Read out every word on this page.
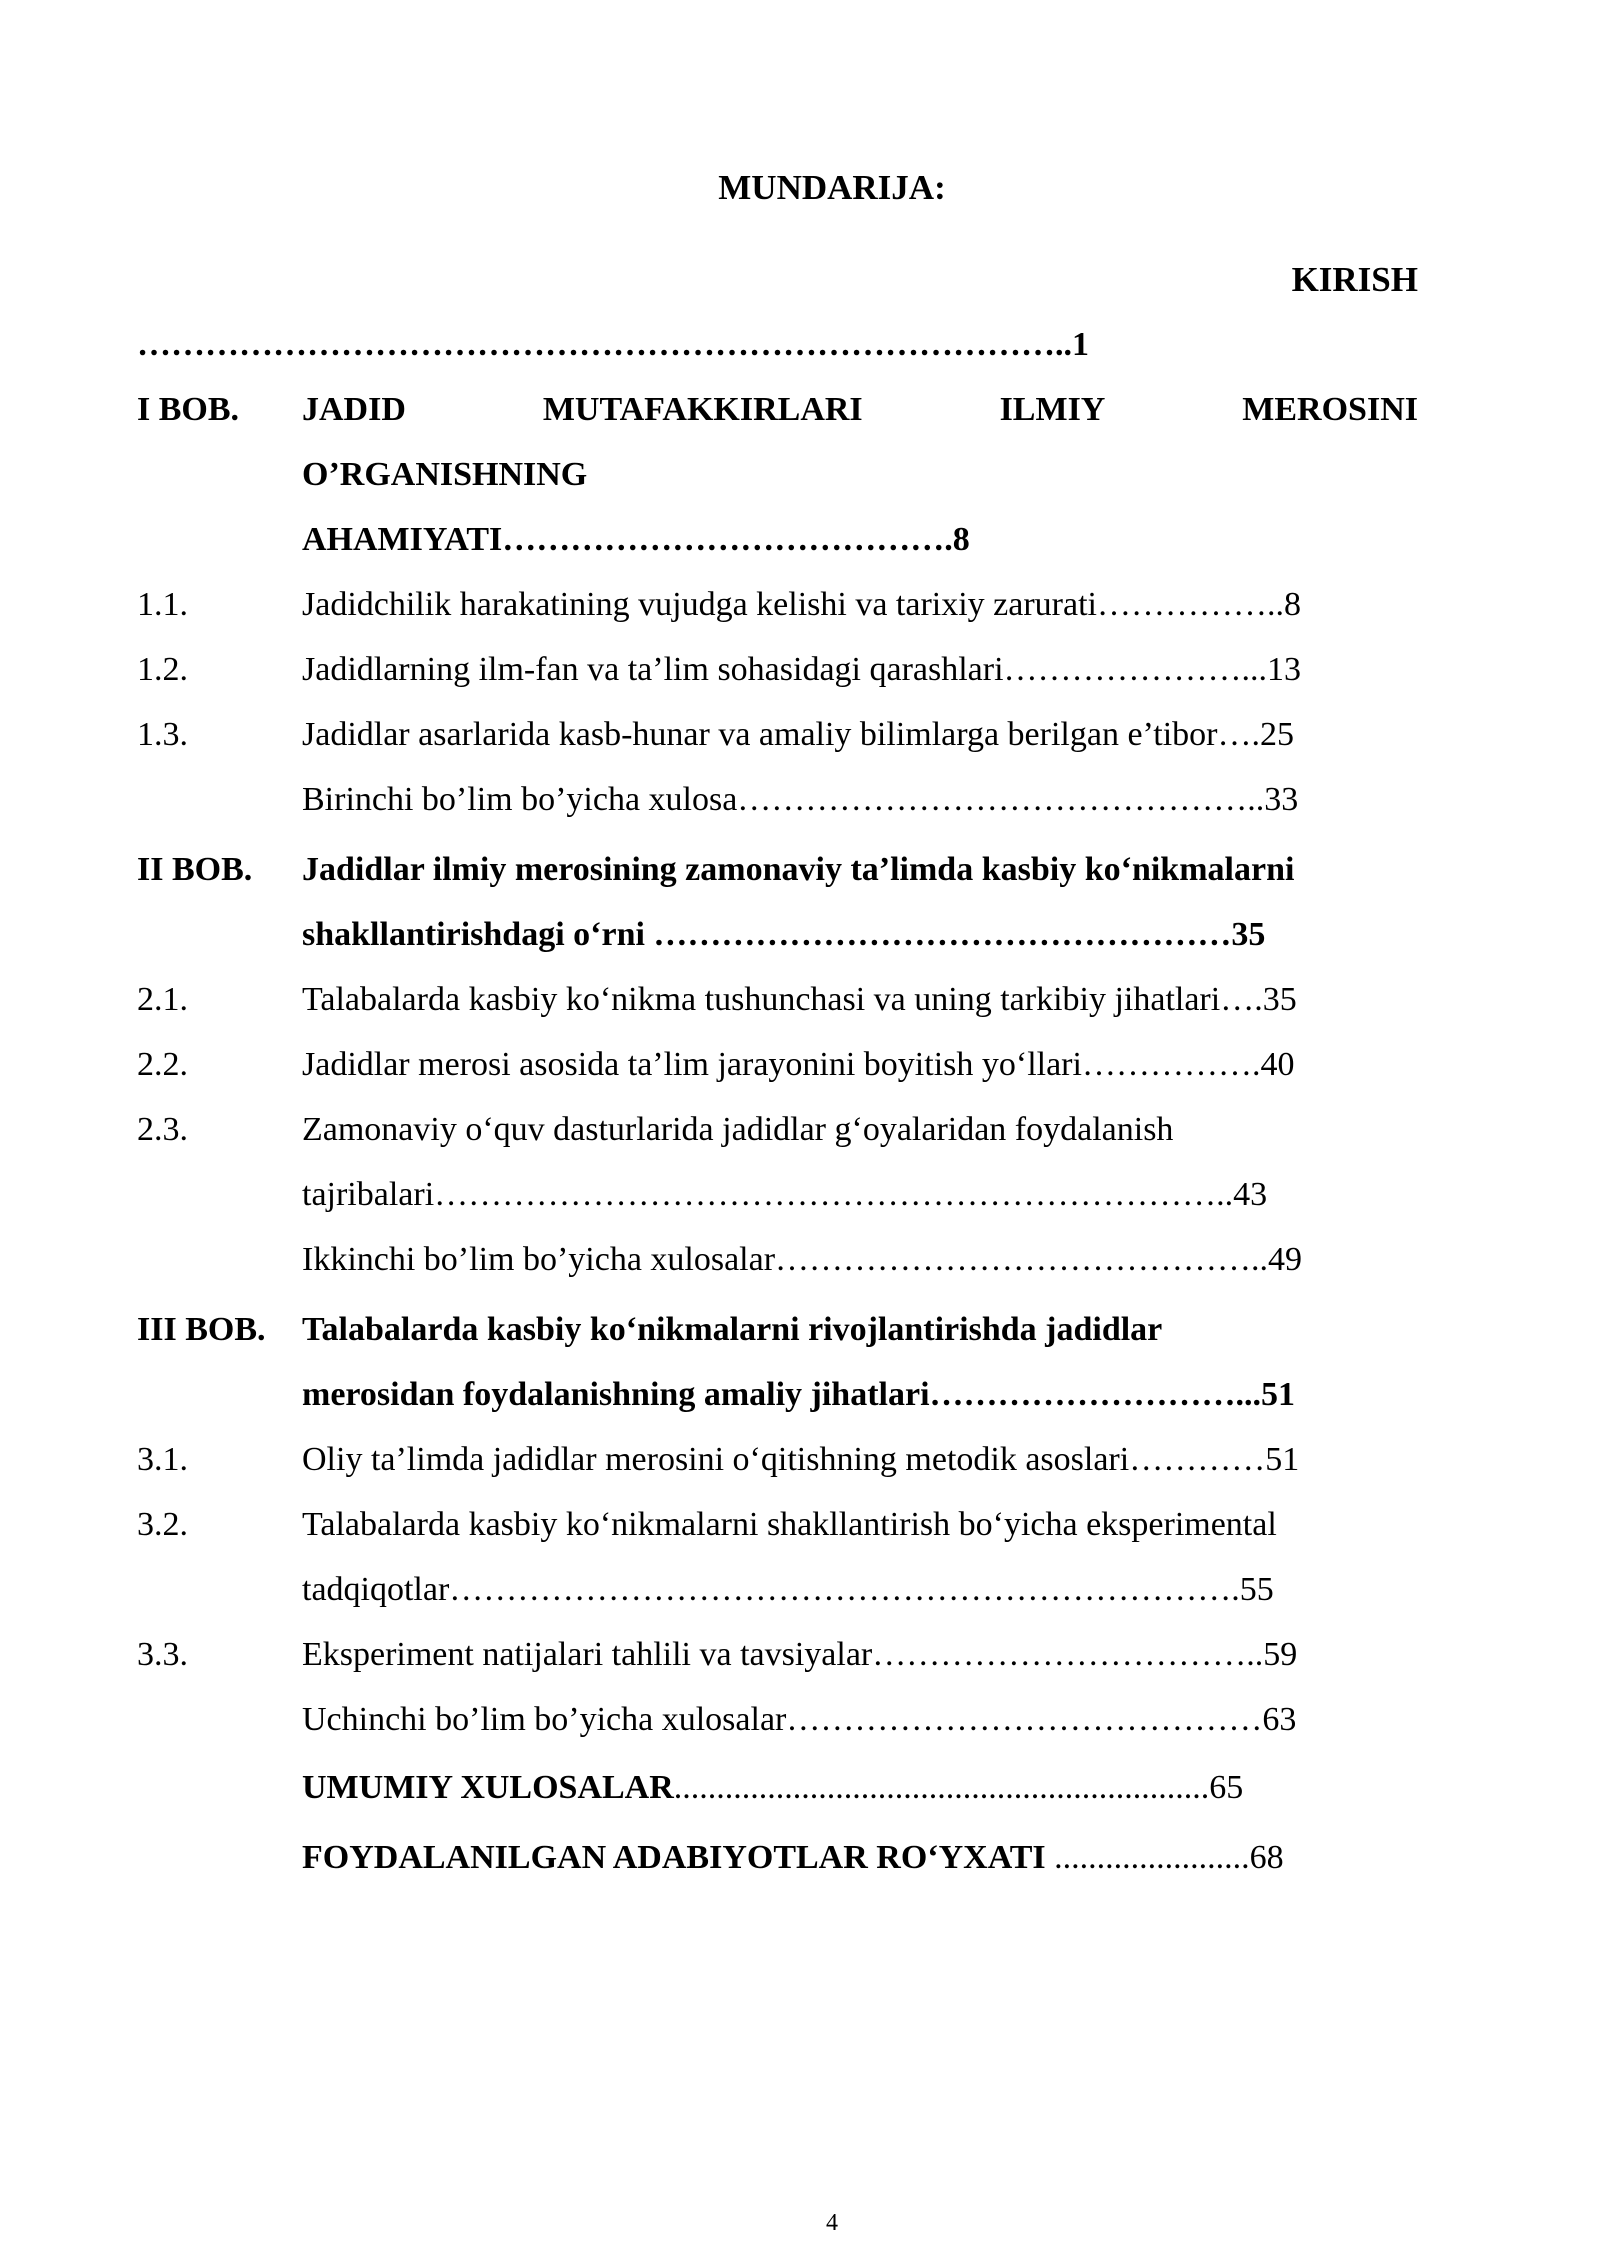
MUNDARIJA:
KIRISH
………………………………………………………………………..1
I BOB. JADID	MUTAFAKKIRLARI	ILMIY	MEROSINI
O’RGANISHNING
AHAMIYATI………………………………….8
1.1.	Jadidchilik harakatining vujudga kelishi va tarixiy zarurati……………..8
1.2.	Jadidlarning ilm-fan va ta’lim sohasidagi qarashlari…………………...13
1.3.	Jadidlar asarlarida kasb-hunar va amaliy bilimlarga berilgan e’tibor….25
Birinchi bo’lim bo’yicha xulosa………………………………………..33
II BOB. Jadidlar ilmiy merosining zamonaviy ta’limda kasbiy ko‘nikmalarni
shakllantirishdagi o‘rni ……………………………………………35
2.1.	Talabalarda kasbiy ko‘nikma tushunchasi va uning tarkibiy jihatlari….35
2.2.	Jadidlar merosi asosida ta’lim jarayonini boyitish yo‘llari…………….40
2.3.	Zamonaviy o‘quv dasturlarida jadidlar g‘oyalaridan foydalanish
tajribalari……………………………………………………………..43
Ikkinchi bo’lim bo’yicha xulosalar……………………………………..49
III BOB. Talabalarda kasbiy ko‘nikmalarni rivojlantirishda jadidlar
merosidan foydalanishning amaliy jihatlari………………………...51
3.1.	Oliy ta’limda jadidlar merosini o‘qitishning metodik asoslari…………51
3.2.	Talabalarda kasbiy ko‘nikmalarni shakllantirish bo‘yicha eksperimental
tadqiqotlar…………………………………………………………….55
3.3.	Eksperiment natijalari tahlili va tavsiyalar……………………………..59
Uchinchi bo’lim bo’yicha xulosalar……………………………………63
UMUMIY XULOSALAR...............................................................65
FOYDALANILGAN ADABIYOTLAR RO‘YXATI .......................68
4
